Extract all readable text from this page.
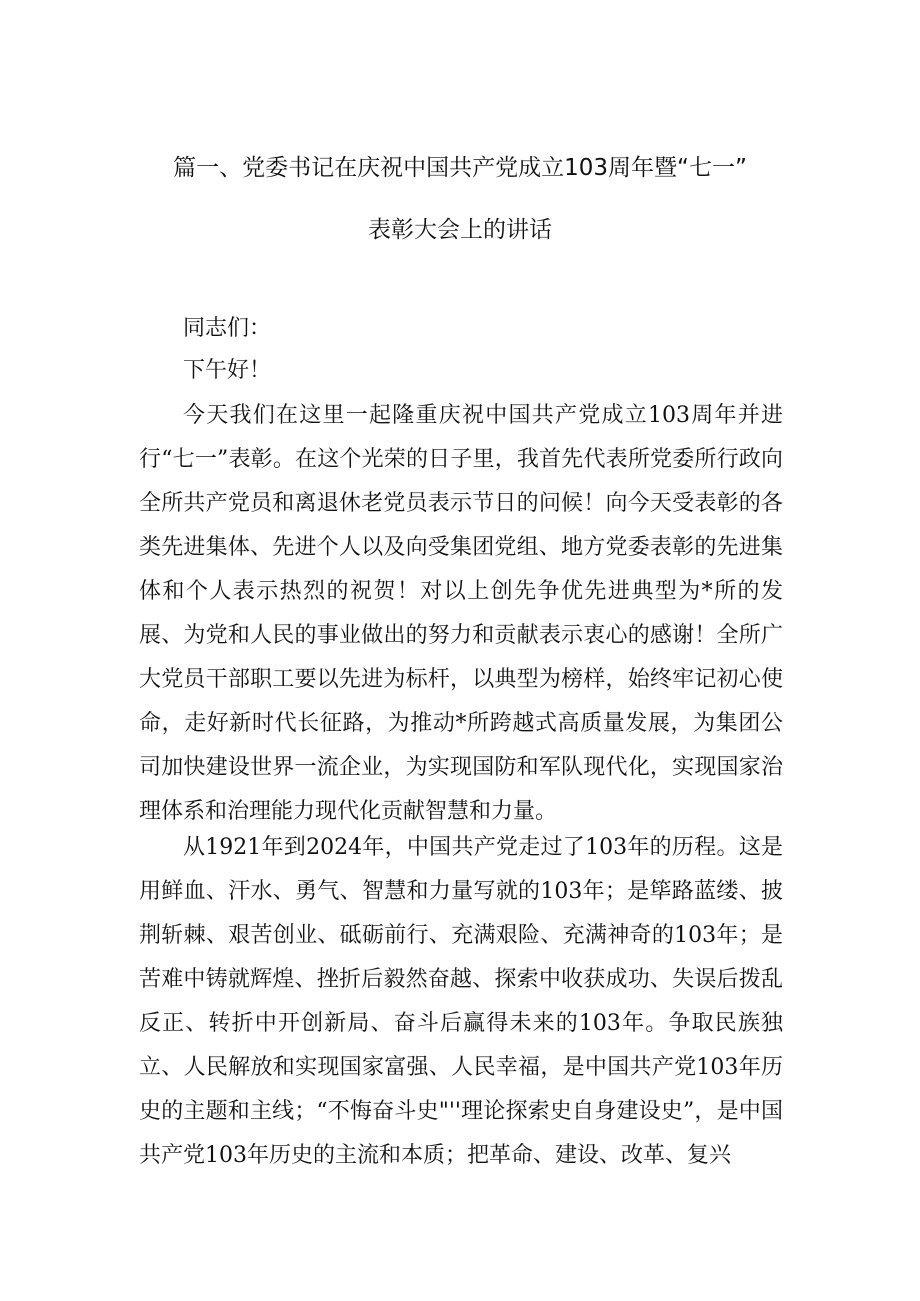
篇一、党委书记在庆祝中国共产党成立103周年暨“七一”
表彰大会上的讲话
同志们：
下午好！
今天我们在这里一起隆重庆祝中国共产党成立103周年并进行“七一”表彰。在这个光荣的日子里，我首先代表所党委所行政向全所共产党员和离退休老党员表示节日的问候！向今天受表彰的各类先进集体、先进个人以及向受集团党组、地方党委表彰的先进集体和个人表示热烈的祝贺！对以上创先争优先进典型为*所的发展、为党和人民的事业做出的努力和贡献表示衷心的感谢！全所广大党员干部职工要以先进为标杆，以典型为榜样，始终牢记初心使命，走好新时代长征路，为推动*所跨越式高质量发展，为集团公司加快建设世界一流企业，为实现国防和军队现代化，实现国家治理体系和治理能力现代化贡献智慧和力量。
从1921年到2024年，中国共产党走过了103年的历程。这是用鲜血、汗水、勇气、智慧和力量写就的103年；是筚路蓝缕、披荆斩棘、艰苦创业、砥砺前行、充满艰险、充满神奇的103年；是苦难中铸就辉煌、挫折后毅然奋越、探索中收获成功、失误后拨乱反正、转折中开创新局、奋斗后赢得未来的103年。争取民族独立、人民解放和实现国家富强、人民幸福，是中国共产党103年历史的主题和主线；“不悔奋斗史"''理论探索史自身建设史”，是中国共产党103年历史的主流和本质；把革命、建设、改革、复兴
